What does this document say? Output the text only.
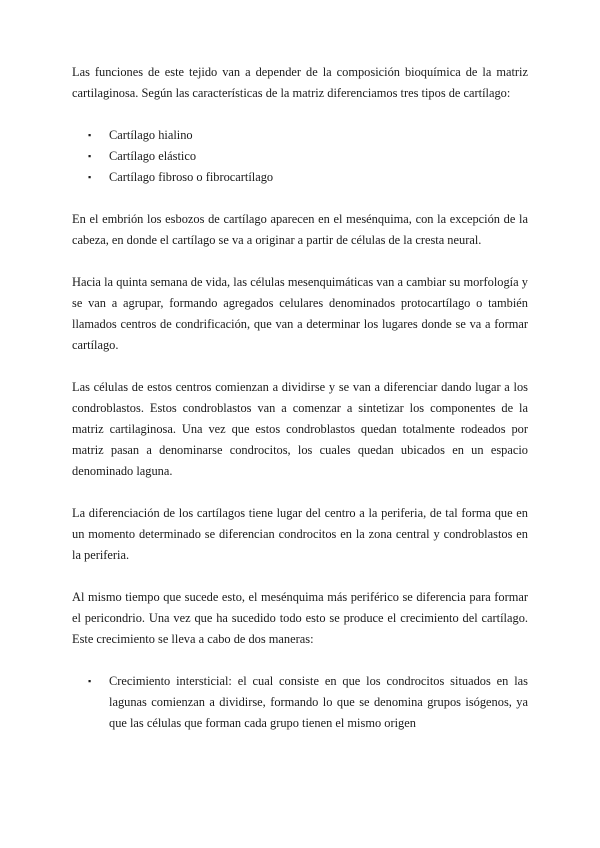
Las funciones de este tejido van a depender de la composición bioquímica de la matriz cartilaginosa. Según las características de la matriz diferenciamos tres tipos de cartílago:

▪ Cartílago hialino
▪ Cartílago elástico
▪ Cartílago fibroso o fibrocartílago

En el embrión los esbozos de cartílago aparecen en el mesénquima, con la excepción de la cabeza, en donde el cartílago se va a originar a partir de células de la cresta neural.

Hacia la quinta semana de vida, las células mesenquimáticas van a cambiar su morfología y se van a agrupar, formando agregados celulares denominados protocartílago o también llamados centros de condrificación, que van a determinar los lugares donde se va a formar cartílago.

Las células de estos centros comienzan a dividirse y se van a diferenciar dando lugar a los condroblastos. Estos condroblastos van a comenzar a sintetizar los componentes de la matriz cartilaginosa. Una vez que estos condroblastos quedan totalmente rodeados por matriz pasan a denominarse condrocitos, los cuales quedan ubicados en un espacio denominado laguna.

La diferenciación de los cartílagos tiene lugar del centro a la periferia, de tal forma que en un momento determinado se diferencian condrocitos en la zona central y condroblastos en la periferia.

Al mismo tiempo que sucede esto, el mesénquima más periférico se diferencia para formar el pericondrio. Una vez que ha sucedido todo esto se produce el crecimiento del cartílago. Este crecimiento se lleva a cabo de dos maneras:

▪ Crecimiento intersticial: el cual consiste en que los condrocitos situados en las lagunas comienzan a dividirse, formando lo que se denomina grupos isógenos, ya que las células que forman cada grupo tienen el mismo origen
